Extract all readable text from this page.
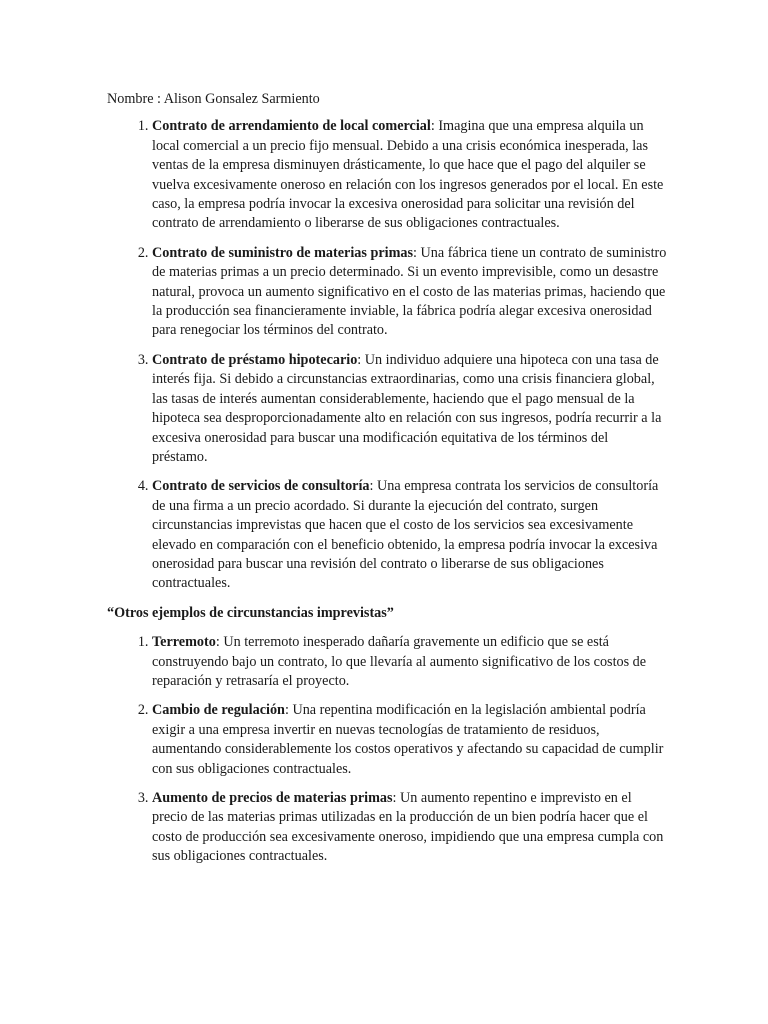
Nombre : Alison Gonsalez Sarmiento

1. Contrato de arrendamiento de local comercial: Imagina que una empresa alquila un local comercial a un precio fijo mensual. Debido a una crisis económica inesperada, las ventas de la empresa disminuyen drásticamente, lo que hace que el pago del alquiler se vuelva excesivamente oneroso en relación con los ingresos generados por el local. En este caso, la empresa podría invocar la excesiva onerosidad para solicitar una revisión del contrato de arrendamiento o liberarse de sus obligaciones contractuales.
2. Contrato de suministro de materias primas: Una fábrica tiene un contrato de suministro de materias primas a un precio determinado. Si un evento imprevisible, como un desastre natural, provoca un aumento significativo en el costo de las materias primas, haciendo que la producción sea financieramente inviable, la fábrica podría alegar excesiva onerosidad para renegociar los términos del contrato.
3. Contrato de préstamo hipotecario: Un individuo adquiere una hipoteca con una tasa de interés fija. Si debido a circunstancias extraordinarias, como una crisis financiera global, las tasas de interés aumentan considerablemente, haciendo que el pago mensual de la hipoteca sea desproporcionadamente alto en relación con sus ingresos, podría recurrir a la excesiva onerosidad para buscar una modificación equitativa de los términos del préstamo.
4. Contrato de servicios de consultoría: Una empresa contrata los servicios de consultoría de una firma a un precio acordado. Si durante la ejecución del contrato, surgen circunstancias imprevistas que hacen que el costo de los servicios sea excesivamente elevado en comparación con el beneficio obtenido, la empresa podría invocar la excesiva onerosidad para buscar una revisión del contrato o liberarse de sus obligaciones contractuales.

“Otros ejemplos de circunstancias imprevistas”

1. Terremoto: Un terremoto inesperado dañaría gravemente un edificio que se está construyendo bajo un contrato, lo que llevaría al aumento significativo de los costos de reparación y retrasaría el proyecto.
2. Cambio de regulación: Una repentina modificación en la legislación ambiental podría exigir a una empresa invertir en nuevas tecnologías de tratamiento de residuos, aumentando considerablemente los costos operativos y afectando su capacidad de cumplir con sus obligaciones contractuales.
3. Aumento de precios de materias primas: Un aumento repentino e imprevisto en el precio de las materias primas utilizadas en la producción de un bien podría hacer que el costo de producción sea excesivamente oneroso, impidiendo que una empresa cumpla con sus obligaciones contractuales.
